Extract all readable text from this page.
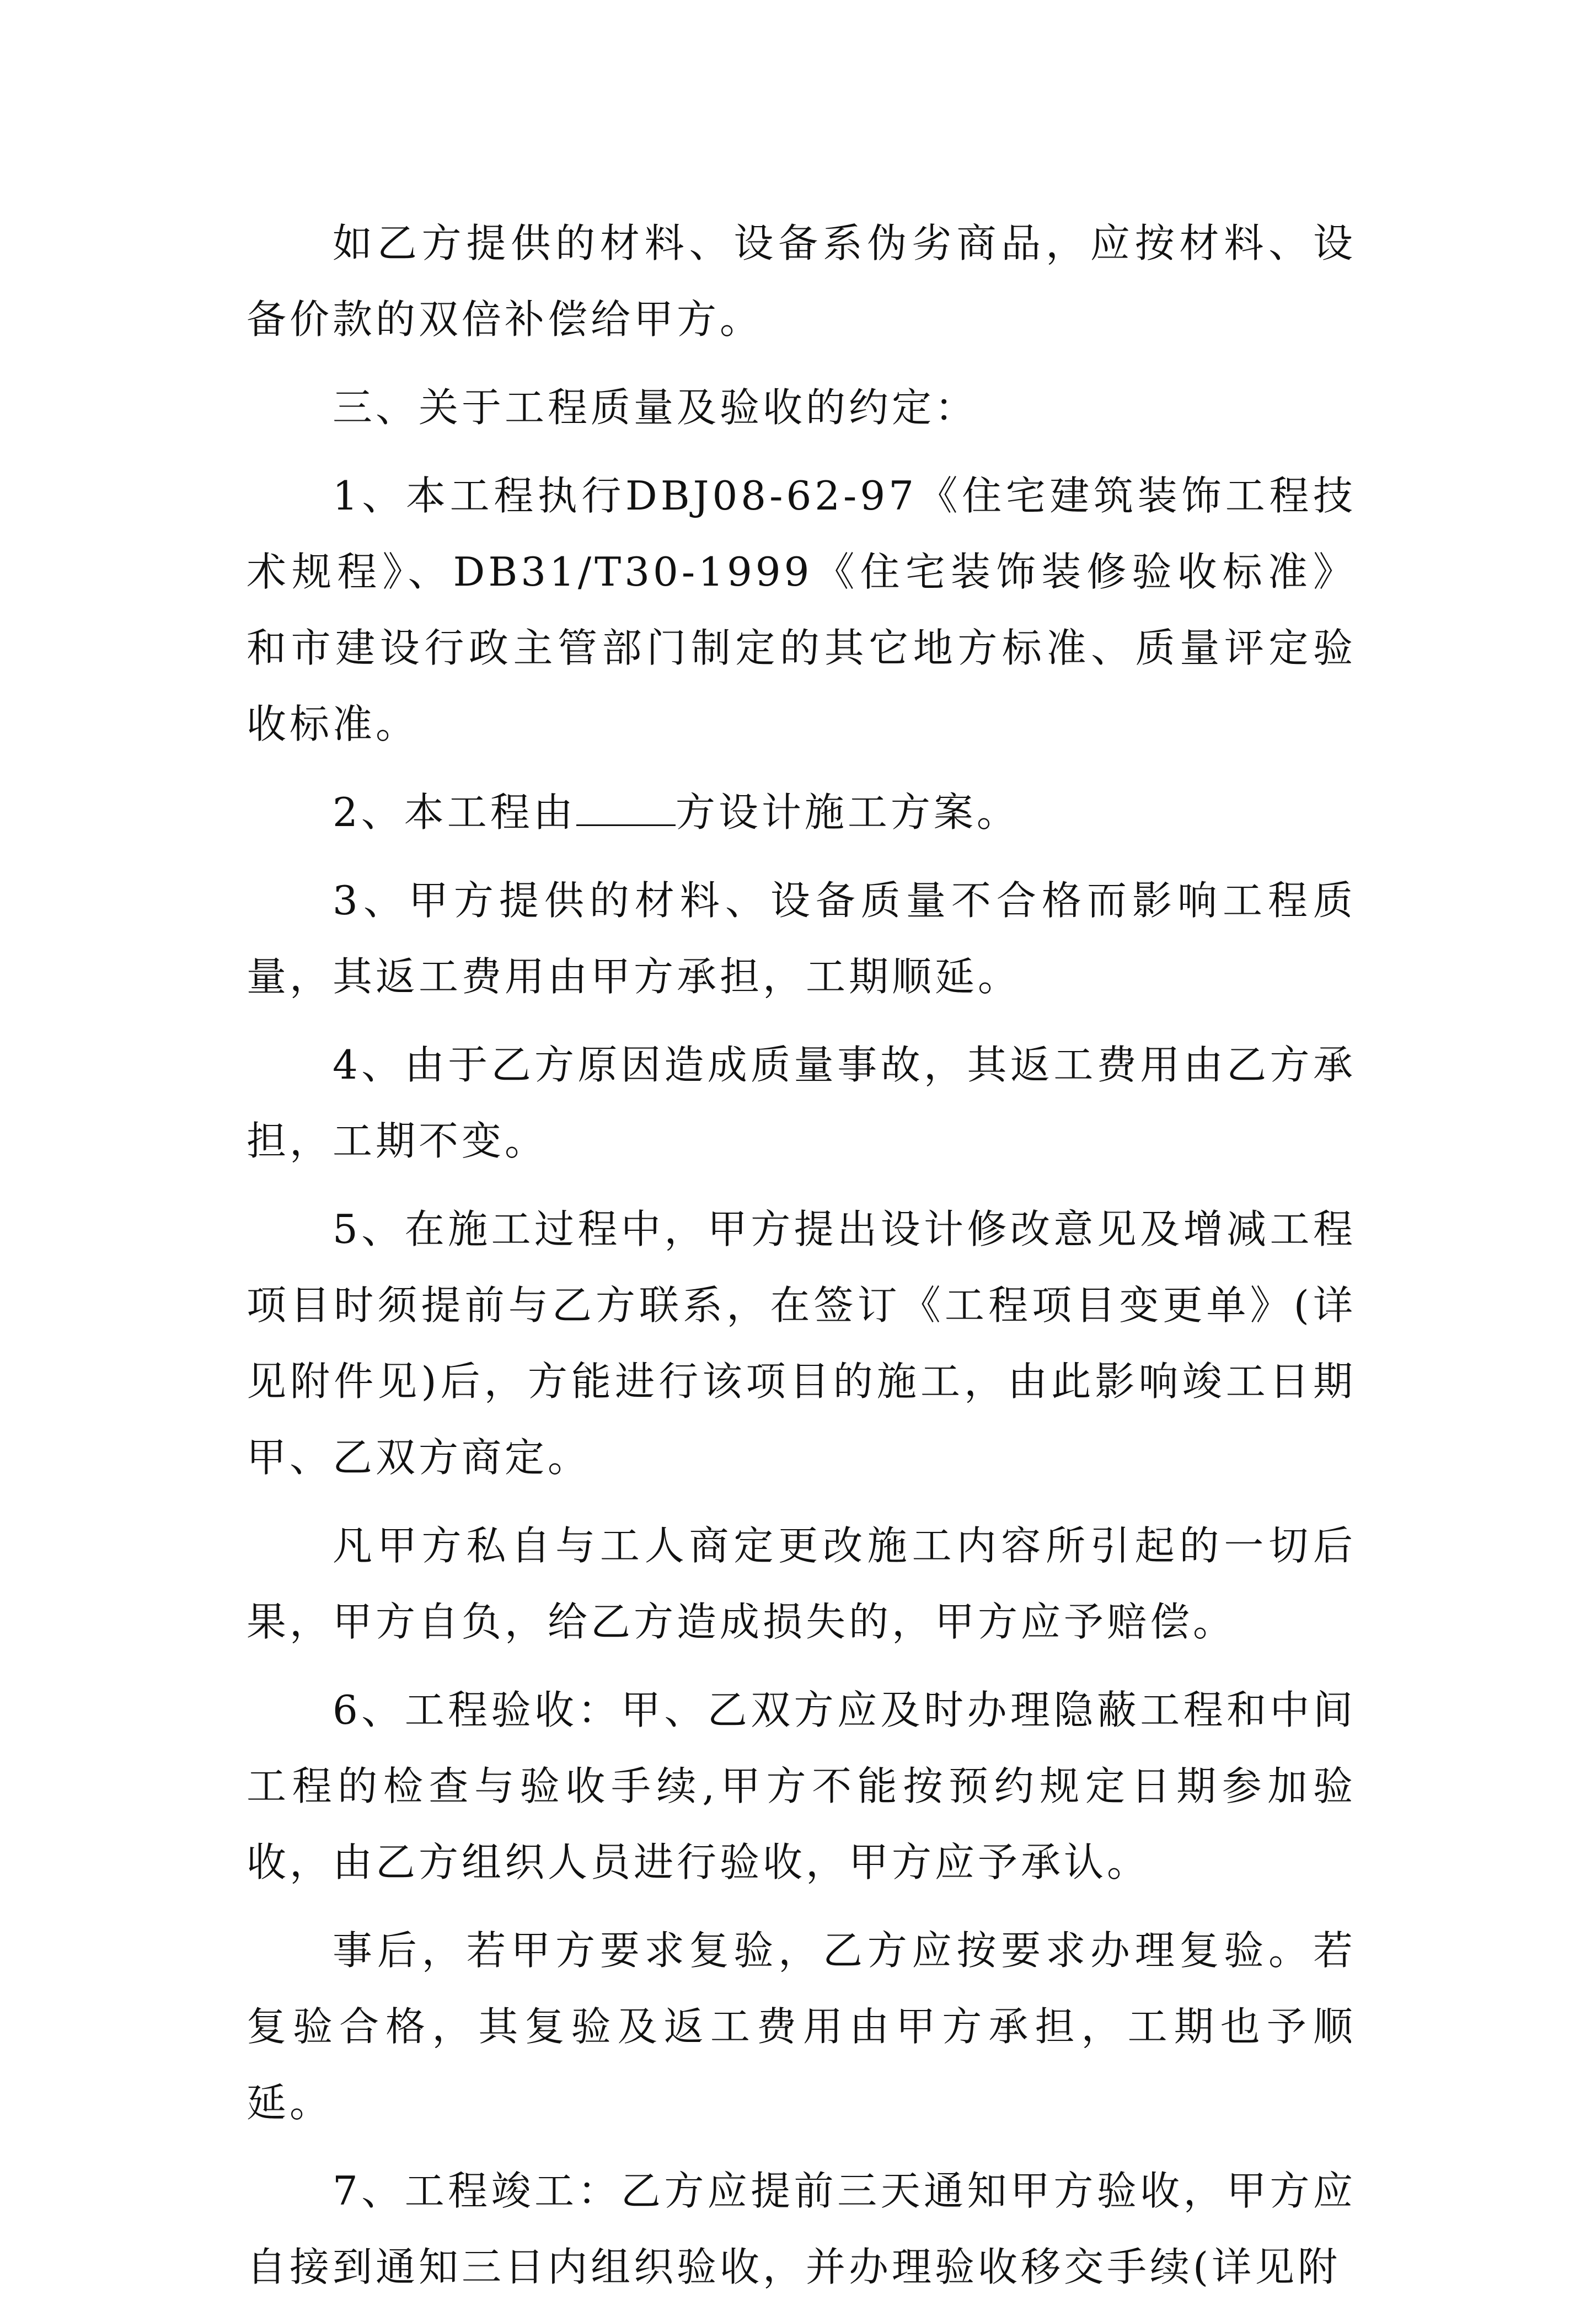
如乙方提供的材料、设备系伪劣商品，应按材料、设备价款的双倍补偿给甲方。

三、关于工程质量及验收的约定：

1、本工程执行DBJ08-62-97《住宅建筑装饰工程技术规程》、DB31/T30-1999《住宅装饰装修验收标准》和市建设行政主管部门制定的其它地方标准、质量评定验收标准。

2、本工程由	方设计施工方案。

3、甲方提供的材料、设备质量不合格而影响工程质量，其返工费用由甲方承担，工期顺延。

4、由于乙方原因造成质量事故，其返工费用由乙方承担，工期不变。

5、在施工过程中，甲方提出设计修改意见及增减工程项目时须提前与乙方联系，在签订《工程项目变更单》(详见附件见)后，方能进行该项目的施工，由此影响竣工日期甲、乙双方商定。

凡甲方私自与工人商定更改施工内容所引起的一切后果，甲方自负，给乙方造成损失的，甲方应予赔偿。

6、工程验收：甲、乙双方应及时办理隐蔽工程和中间工程的检查与验收手续,甲方不能按预约规定日期参加验收，由乙方组织人员进行验收，甲方应予承认。

事后，若甲方要求复验，乙方应按要求办理复验。若复验合格，其复验及返工费用由甲方承担，工期也予顺延。

7、工程竣工：乙方应提前三天通知甲方验收，甲方应自接到通知三日内组织验收，并办理验收移交手续(详见附
